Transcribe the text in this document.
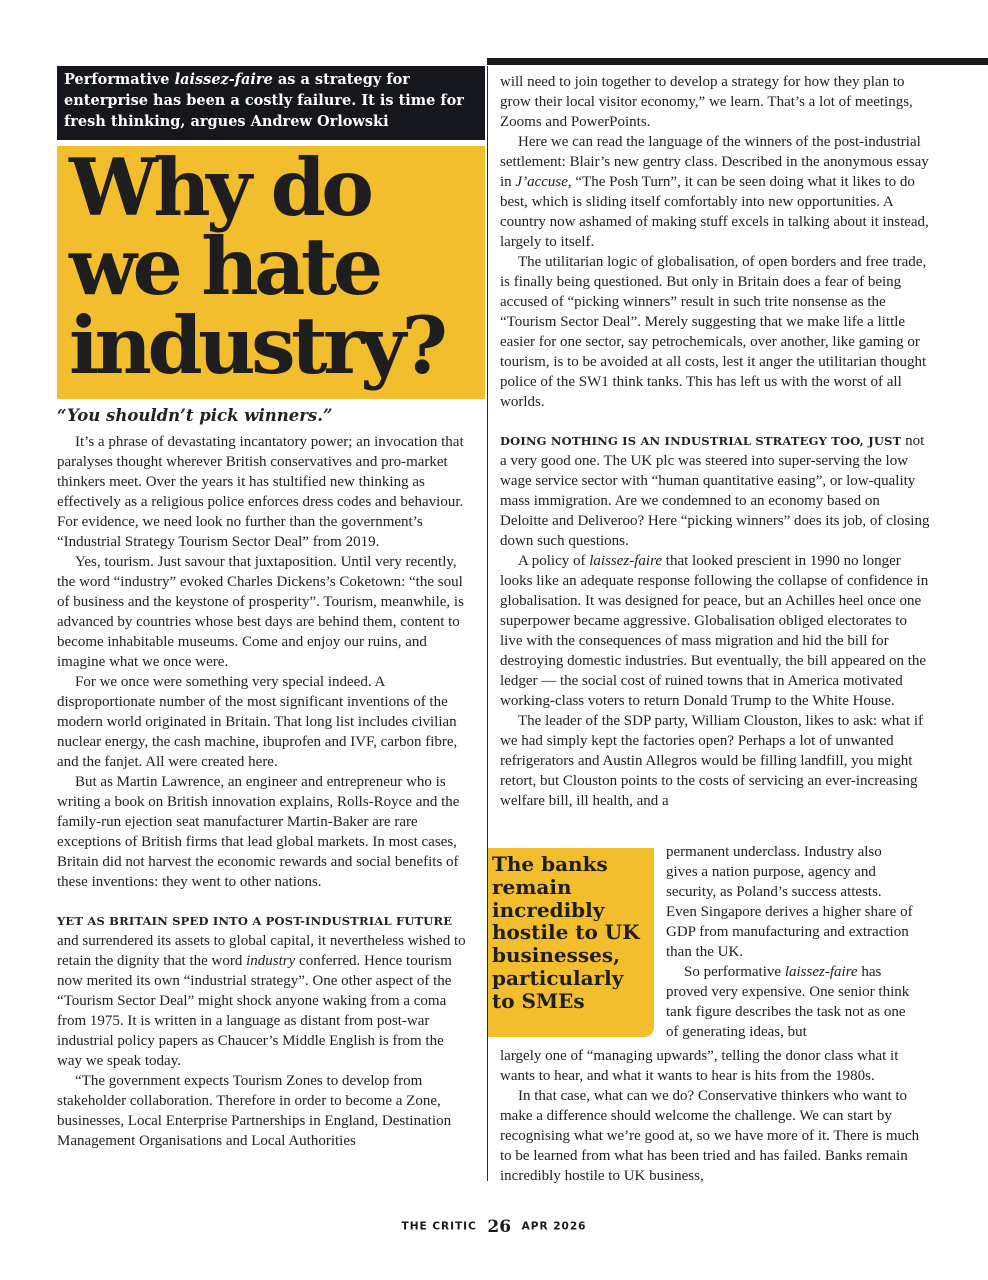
Performative laissez-faire as a strategy for enterprise has been a costly failure. It is time for fresh thinking, argues Andrew Orlowski
Why do
we hate
industry?
“You shouldn’t pick winners.”

It’s a phrase of devastating incantatory power; an invocation that paralyses thought wherever British conservatives and pro-market thinkers meet. Over the years it has stultified new thinking as effectively as a religious police enforces dress codes and behaviour. For evidence, we need look no further than the government’s “Industrial Strategy Tourism Sector Deal” from 2019.

Yes, tourism. Just savour that juxtaposition. Until very recently, the word “industry” evoked Charles Dickens’s Coketown: “the soul of business and the keystone of prosperity”. Tourism, meanwhile, is advanced by countries whose best days are behind them, content to become inhabitable museums. Come and enjoy our ruins, and imagine what we once were.

For we once were something very special indeed. A disproportionate number of the most significant inventions of the modern world originated in Britain. That long list includes civilian nuclear energy, the cash machine, ibuprofen and IVF, carbon fibre, and the fanjet. All were created here.

But as Martin Lawrence, an engineer and entrepreneur who is writing a book on British innovation explains, Rolls-Royce and the family-run ejection seat manufacturer Martin-Baker are rare exceptions of British firms that lead global markets. In most cases, Britain did not harvest the economic rewards and social benefits of these inventions: they went to other nations.

YET AS BRITAIN SPED INTO A POST-INDUSTRIAL FUTURE and surrendered its assets to global capital, it nevertheless wished to retain the dignity that the word industry conferred. Hence tourism now merited its own “industrial strategy”. One other aspect of the “Tourism Sector Deal” might shock anyone waking from a coma from 1975. It is written in a language as distant from post-war industrial policy papers as Chaucer’s Middle English is from the way we speak today.

“The government expects Tourism Zones to develop from stakeholder collaboration. Therefore in order to become a Zone, businesses, Local Enterprise Partnerships in England, Destination Management Organisations and Local Authorities

will need to join together to develop a strategy for how they plan to grow their local visitor economy,” we learn. That’s a lot of meetings, Zooms and PowerPoints.

Here we can read the language of the winners of the post-industrial settlement: Blair’s new gentry class. Described in the anonymous essay in J’accuse, “The Posh Turn”, it can be seen doing what it likes to do best, which is sliding itself comfortably into new opportunities. A country now ashamed of making stuff excels in talking about it instead, largely to itself.

The utilitarian logic of globalisation, of open borders and free trade, is finally being questioned. But only in Britain does a fear of being accused of “picking winners” result in such trite nonsense as the “Tourism Sector Deal”. Merely suggesting that we make life a little easier for one sector, say petrochemicals, over another, like gaming or tourism, is to be avoided at all costs, lest it anger the utilitarian thought police of the SW1 think tanks. This has left us with the worst of all worlds.

DOING NOTHING IS AN INDUSTRIAL STRATEGY TOO, JUST not a very good one. The UK plc was steered into super-serving the low wage service sector with “human quantitative easing”, or low-quality mass immigration. Are we condemned to an economy based on Deloitte and Deliveroo? Here “picking winners” does its job, of closing down such questions.

A policy of laissez-faire that looked prescient in 1990 no longer looks like an adequate response following the collapse of confidence in globalisation. It was designed for peace, but an Achilles heel once one superpower became aggressive. Globalisation obliged electorates to live with the consequences of mass migration and hid the bill for destroying domestic industries. But eventually, the bill appeared on the ledger — the social cost of ruined towns that in America motivated working-class voters to return Donald Trump to the White House.

The leader of the SDP party, William Clouston, likes to ask: what if we had simply kept the factories open? Perhaps a lot of unwanted refrigerators and Austin Allegros would be filling landfill, you might retort, but Clouston points to the costs of servicing an ever-increasing welfare bill, ill health, and a

The banks
remain
incredibly
hostile to UK
businesses,
particularly
to SMEs

permanent underclass. Industry also gives a nation purpose, agency and security, as Poland’s success attests. Even Singapore derives a higher share of GDP from manufacturing and extraction than the UK.

So performative laissez-faire has proved very expensive. One senior think tank figure describes the task not as one of generating ideas, but

largely one of “managing upwards”, telling the donor class what it wants to hear, and what it wants to hear is hits from the 1980s.

In that case, what can we do? Conservative thinkers who want to make a difference should welcome the challenge. We can start by recognising what we’re good at, so we have more of it. There is much to be learned from what has been tried and has failed. Banks remain incredibly hostile to UK business,

THE CRITIC 26 APR 2026
